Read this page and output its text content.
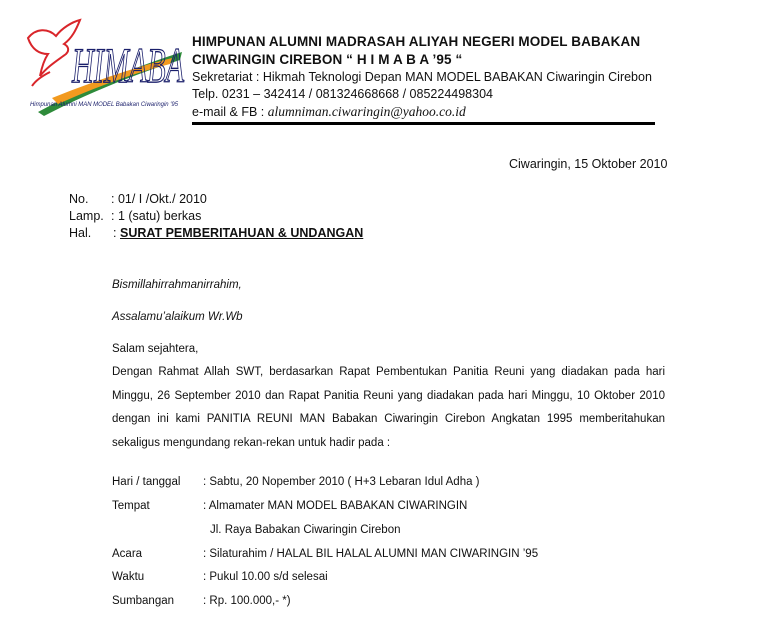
HIMABA
Himpunan Alumni MAN MODEL Babakan Ciwaringin '95
HIMPUNAN ALUMNI MADRASAH ALIYAH NEGERI MODEL BABAKAN
CIWARINGIN CIREBON “ H I M A B A ’95 “
Sekretariat : Hikmah Teknologi Depan MAN MODEL BABAKAN Ciwaringin Cirebon
Telp. 0231 – 342414 / 081324668668 / 085224498304
e-mail & FB : alumniman.ciwaringin@yahoo.co.id
Ciwaringin, 15 Oktober 2010
No. : 01/ I /Okt./ 2010
Lamp. : 1 (satu) berkas
Hal. : SURAT PEMBERITAHUAN & UNDANGAN
Bismillahirrahmanirrahim,
Assalamu’alaikum Wr.Wb
Salam sejahtera,
Dengan Rahmat Allah SWT, berdasarkan Rapat Pembentukan Panitia Reuni yang diadakan pada hari
Minggu, 26 September 2010 dan Rapat Panitia Reuni yang diadakan pada hari Minggu, 10 Oktober 2010
dengan ini kami PANITIA REUNI MAN Babakan Ciwaringin Cirebon Angkatan 1995 memberitahukan
sekaligus mengundang rekan-rekan untuk hadir pada :
Hari / tanggal : Sabtu, 20 Nopember 2010 ( H+3 Lebaran Idul Adha )
Tempat	: Almamater MAN MODEL BABAKAN CIWARINGIN
Jl. Raya Babakan Ciwaringin Cirebon
Acara	: Silaturahim / HALAL BIL HALAL ALUMNI MAN CIWARINGIN ’95
Waktu	: Pukul 10.00 s/d selesai
Sumbangan	: Rp. 100.000,- *)
